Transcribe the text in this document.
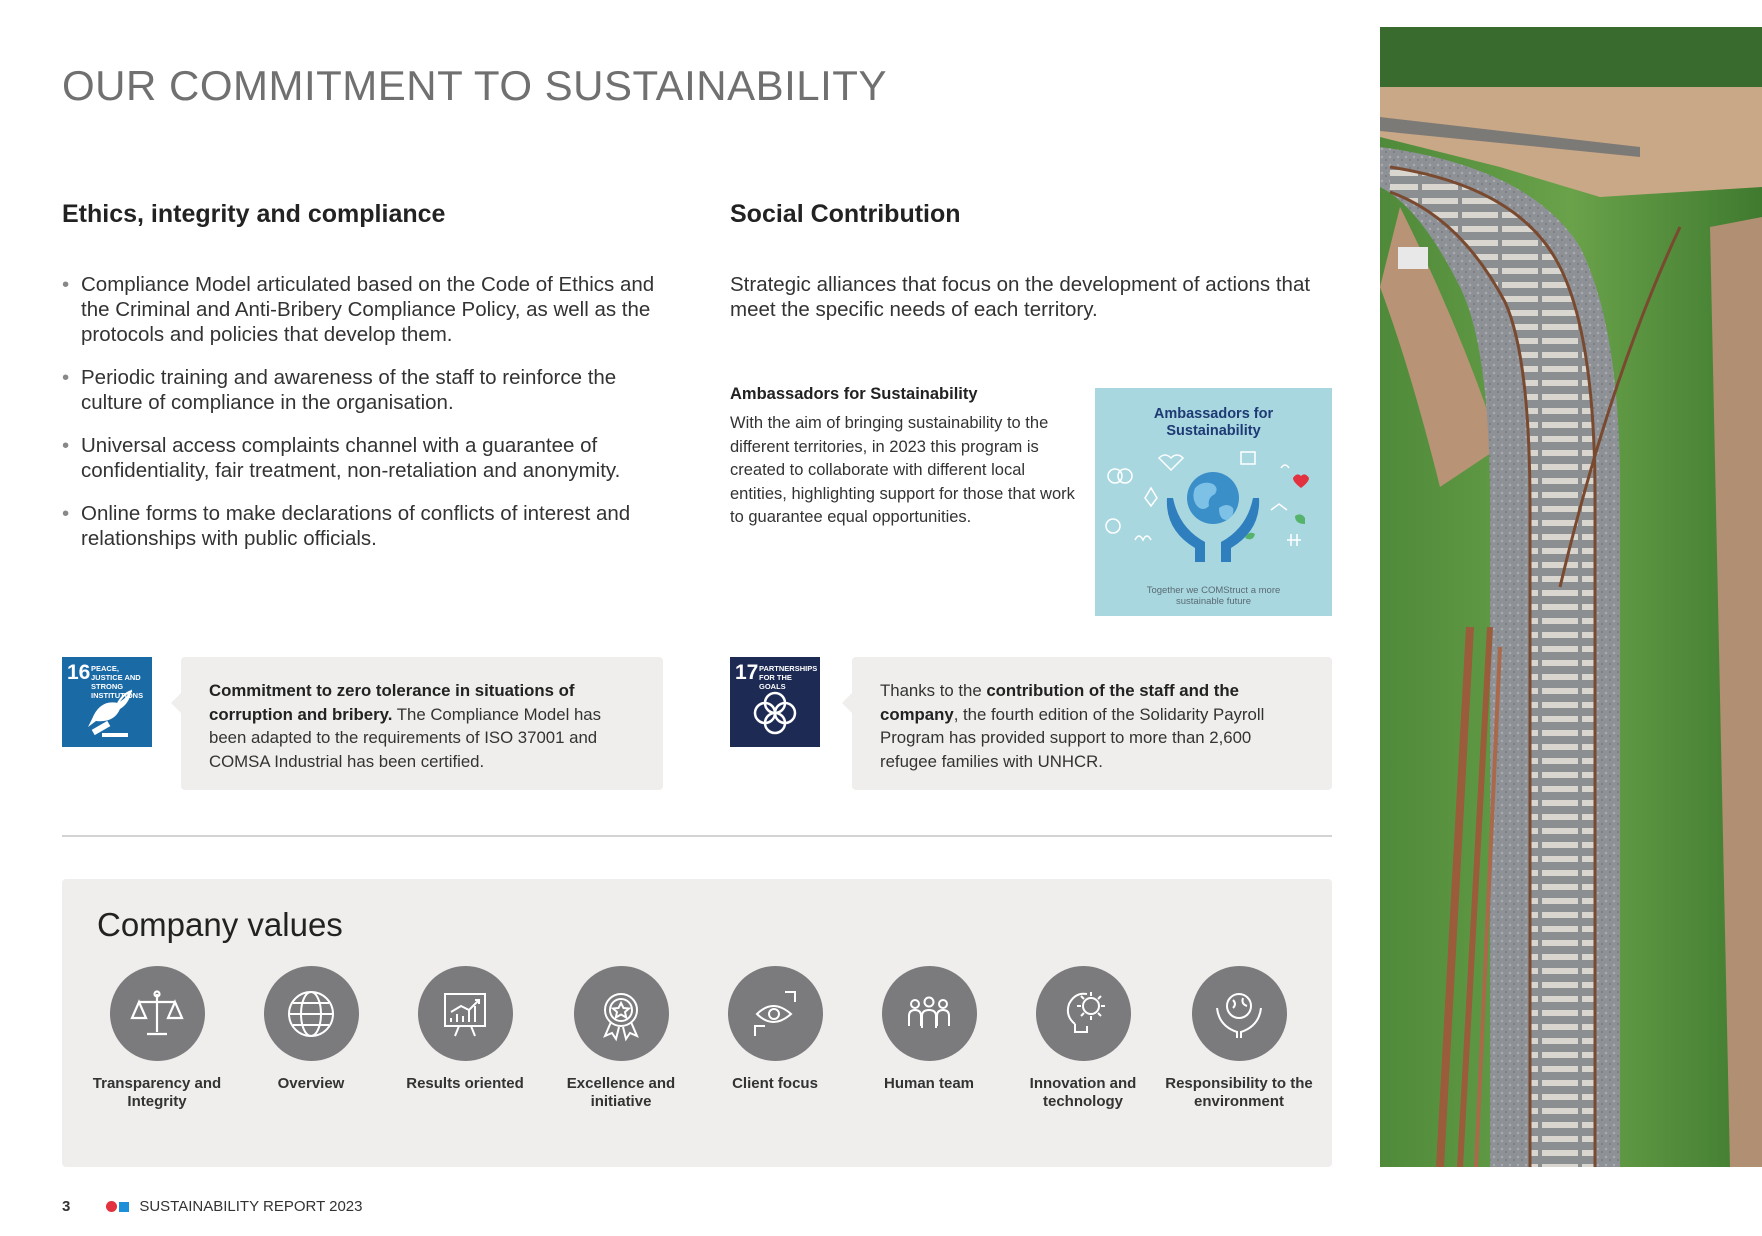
OUR COMMITMENT TO SUSTAINABILITY
Ethics, integrity and compliance
• Compliance Model articulated based on the Code of Ethics and the Criminal and Anti-Bribery Compliance Policy, as well as the protocols and policies that develop them.
• Periodic training and awareness of the staff to reinforce the culture of compliance in the organisation.
• Universal access complaints channel with a guarantee of confidentiality, fair treatment, non-retaliation and anonymity.
• Online forms to make declarations of conflicts of interest and relationships with public officials.
Social Contribution

Strategic alliances that focus on the development of actions that meet the specific needs of each territory.

Ambassadors for Sustainability

With the aim of bringing sustainability to the different territories, in 2023 this program is created to collaborate with different local entities, highlighting support for those that work to guarantee equal opportunities.

Ambassadors for Sustainability
Together we COMStruct a more sustainable future
16 PEACE, JUSTICE AND STRONG INSTITUTIONS	Commitment to zero tolerance in situations of corruption and bribery. The Compliance Model has been adapted to the requirements of ISO 37001 and COMSA Industrial has been certified.
17 PARTNERSHIPS FOR THE GOALS	Thanks to the contribution of the staff and the company, the fourth edition of the Solidarity Payroll Program has provided support to more than 2,600 refugee families with UNHCR.
Company values
Transparency and Integrity
Overview	Results oriented	Excellence and initiative
Client focus	Human team	Innovation and technology
Responsibility to the environment
3	SUSTAINABILITY REPORT 2023
